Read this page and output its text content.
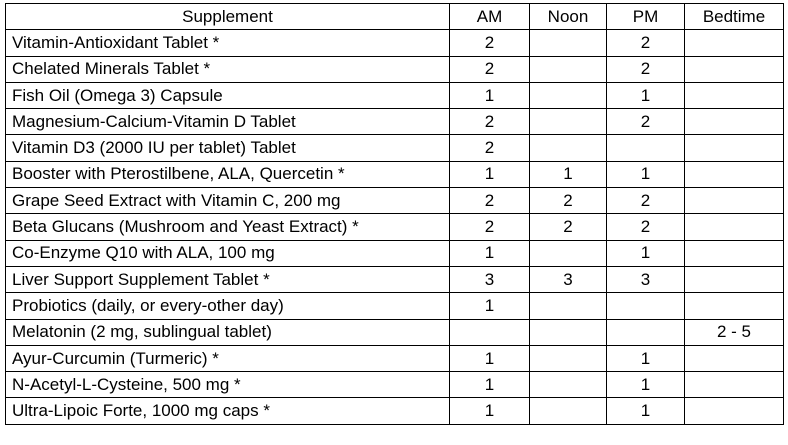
Supplement	AM	Noon	PM	Bedtime
Vitamin-Antioxidant Tablet *	2		2	
Chelated Minerals Tablet *	2		2	
Fish Oil (Omega 3) Capsule	1		1	
Magnesium-Calcium-Vitamin D Tablet	2		2	
Vitamin D3 (2000 IU per tablet) Tablet	2			
Booster with Pterostilbene, ALA, Quercetin *	1	1	1	
Grape Seed Extract with Vitamin C, 200 mg	2	2	2	
Beta Glucans (Mushroom and Yeast Extract) *	2	2	2	
Co-Enzyme Q10 with ALA, 100 mg	1		1	
Liver Support Supplement Tablet *	3	3	3	
Probiotics (daily, or every-other day)	1			
Melatonin (2 mg, sublingual tablet)				2 - 5
Ayur-Curcumin (Turmeric) *	1		1	
N-Acetyl-L-Cysteine, 500 mg *	1		1	
Ultra-Lipoic Forte, 1000 mg caps *	1		1	
